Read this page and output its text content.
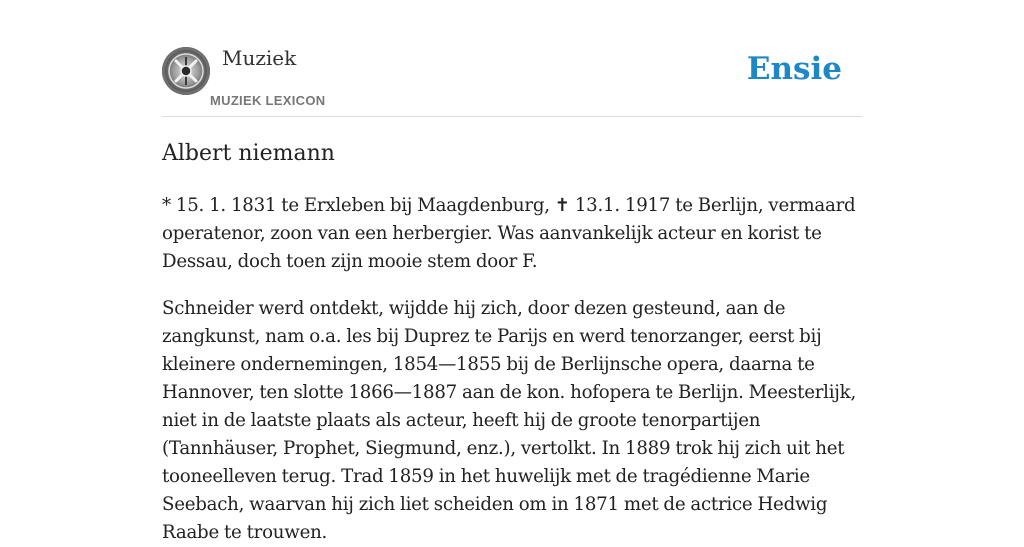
Muziek
MUZIEK LEXICON
Ensie
Albert niemann

* 15. 1. 1831 te Erxleben bij Maagdenburg, ✝ 13.1. 1917 te Berlijn, vermaard operatenor, zoon van een herbergier. Was aanvankelijk acteur en korist te Dessau, doch toen zijn mooie stem door F.

Schneider werd ontdekt, wijdde hij zich, door dezen gesteund, aan de zangkunst, nam o.a. les bij Duprez te Parijs en werd tenorzanger, eerst bij kleinere ondernemingen, 1854—1855 bij de Berlijnsche opera, daarna te Hannover, ten slotte 1866—1887 aan de kon. hofopera te Berlijn. Meesterlijk, niet in de laatste plaats als acteur, heeft hij de groote tenorpartijen (Tannhäuser, Prophet, Siegmund, enz.), vertolkt. In 1889 trok hij zich uit het tooneelleven terug. Trad 1859 in het huwelijk met de tragédienne Marie Seebach, waarvan hij zich liet scheiden om in 1871 met de actrice Hedwig Raabe te trouwen.
